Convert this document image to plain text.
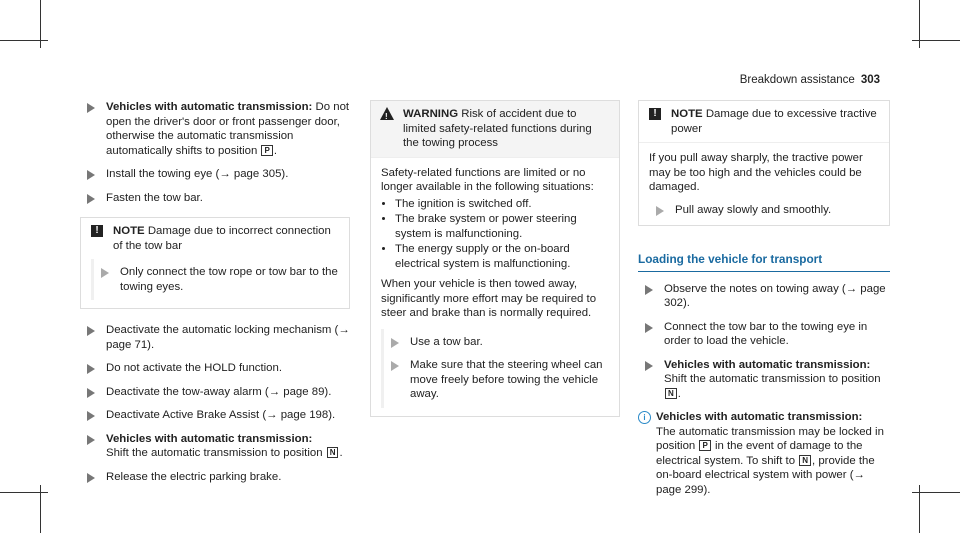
Breakdown assistance 303
Vehicles with automatic transmission: Do not open the driver's door or front passenger door, otherwise the automatic transmission automatically shifts to position P .
Install the towing eye (→ page 305).
Fasten the tow bar.
!	NOTE Damage due to incorrect connection of the tow bar
Only connect the tow rope or tow bar to the towing eyes.
Deactivate the automatic locking mechanism (→ page 71).
Do not activate the HOLD function.
Deactivate the tow-away alarm (→ page 89).
Deactivate Active Brake Assist (→ page 198).
Vehicles with automatic transmission:
Shift the automatic transmission to position N .
Release the electric parking brake.
! WARNING Risk of accident due to limited safety-related functions during the towing process
Safety-related functions are limited or no longer available in the following situations:
• The ignition is switched off.
• The brake system or power steering system is malfunctioning.
• The energy supply or the on-board electrical system is malfunctioning.
When your vehicle is then towed away, significantly more effort may be required to steer and brake than is normally required.
Use a tow bar.
Make sure that the steering wheel can move freely before towing the vehicle away.
!	NOTE Damage due to excessive tractive power
If you pull away sharply, the tractive power may be too high and the vehicles could be damaged.
Pull away slowly and smoothly.
Loading the vehicle for transport
Observe the notes on towing away (→ page 302).
Connect the tow bar to the towing eye in order to load the vehicle.
Vehicles with automatic transmission:
Shift the automatic transmission to position N .
i Vehicles with automatic transmission:
The automatic transmission may be locked in position P in the event of damage to the electrical system. To shift to N , provide the on-board electrical system with power (→ page 299).
